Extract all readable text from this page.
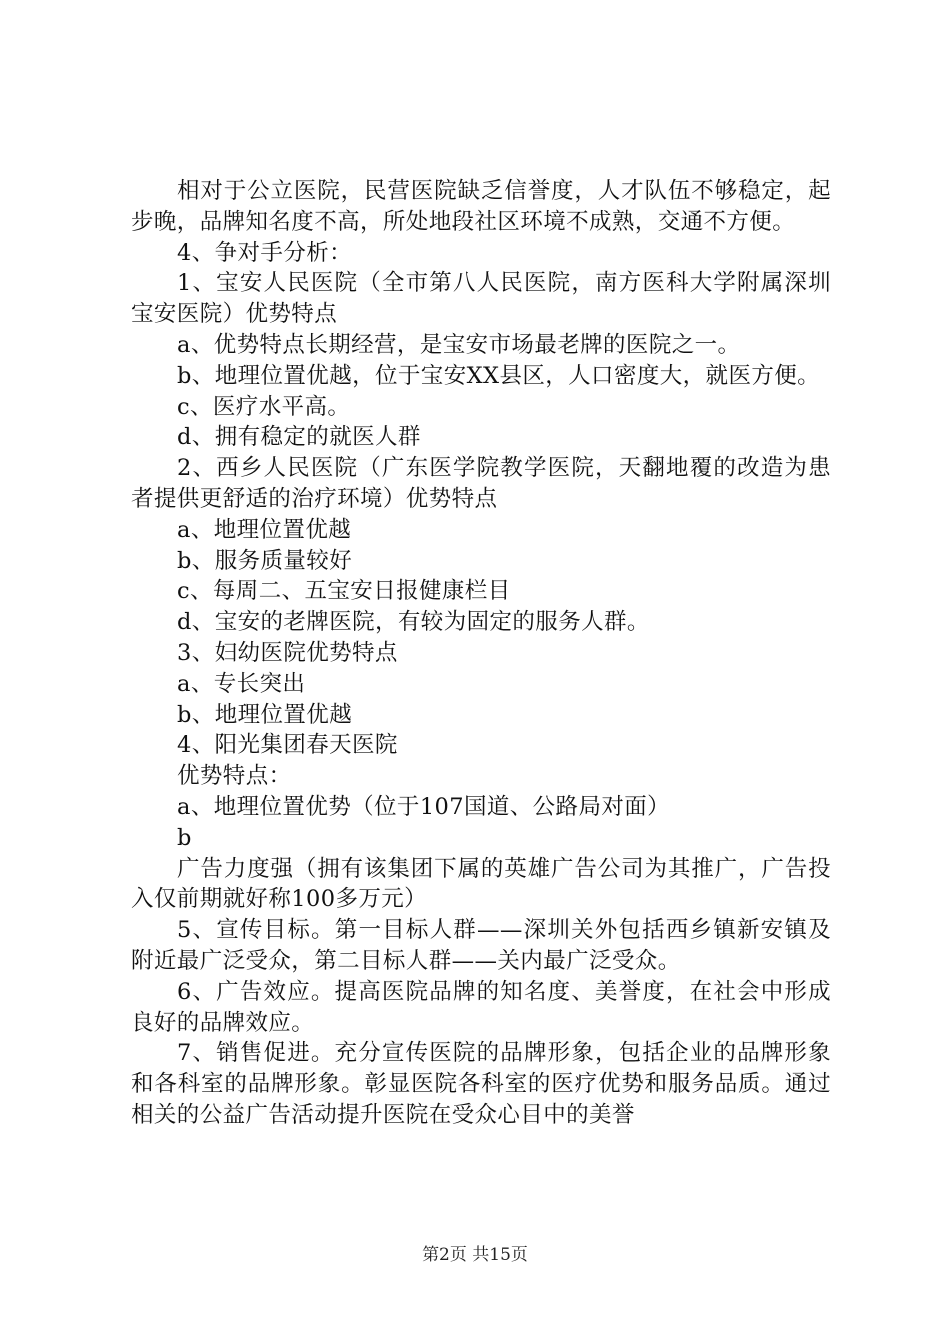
相对于公立医院，民营医院缺乏信誉度，人才队伍不够稳定，起步晚，品牌知名度不高，所处地段社区环境不成熟，交通不方便。

4、争对手分析：

1、宝安人民医院（全市第八人民医院，南方医科大学附属深圳宝安医院）优势特点

a、优势特点长期经营，是宝安市场最老牌的医院之一。

b、地理位置优越，位于宝安XX县区，人口密度大，就医方便。

c、医疗水平高。

d、拥有稳定的就医人群

2、西乡人民医院（广东医学院教学医院，天翻地覆的改造为患者提供更舒适的治疗环境）优势特点

a、地理位置优越

b、服务质量较好

c、每周二、五宝安日报健康栏目

d、宝安的老牌医院，有较为固定的服务人群。

3、妇幼医院优势特点

a、专长突出

b、地理位置优越

4、阳光集团春天医院

优势特点：

a、地理位置优势（位于107国道、公路局对面）

b

广告力度强（拥有该集团下属的英雄广告公司为其推广，广告投入仅前期就好称100多万元）

5、宣传目标。第一目标人群——深圳关外包括西乡镇新安镇及附近最广泛受众，第二目标人群——关内最广泛受众。

6、广告效应。提高医院品牌的知名度、美誉度，在社会中形成良好的品牌效应。

7、销售促进。充分宣传医院的品牌形象，包括企业的品牌形象和各科室的品牌形象。彰显医院各科室的医疗优势和服务品质。通过相关的公益广告活动提升医院在受众心目中的美誉

第2页 共15页
